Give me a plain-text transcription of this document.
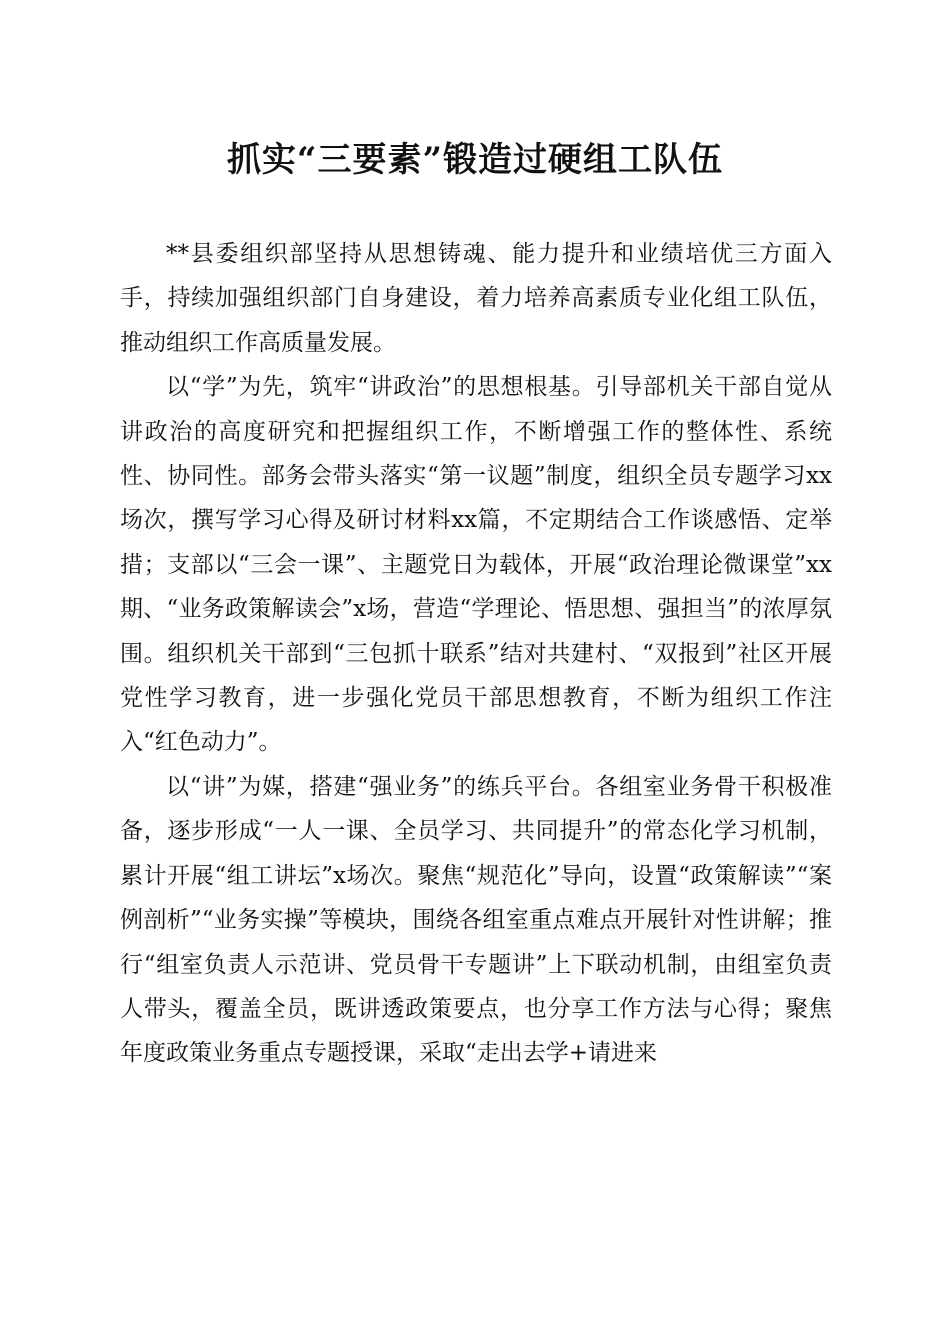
抓实“三要素”锻造过硬组工队伍

**县委组织部坚持从思想铸魂、能力提升和业绩培优三方面入手，持续加强组织部门自身建设，着力培养高素质专业化组工队伍，推动组织工作高质量发展。

以“学”为先，筑牢“讲政治”的思想根基。引导部机关干部自觉从讲政治的高度研究和把握组织工作，不断增强工作的整体性、系统性、协同性。部务会带头落实“第一议题”制度，组织全员专题学习xx场次，撰写学习心得及研讨材料xx篇，不定期结合工作谈感悟、定举措；支部以“三会一课”、主题党日为载体，开展“政治理论微课堂”xx期、“业务政策解读会”x场，营造“学理论、悟思想、强担当”的浓厚氛围。组织机关干部到“三包抓十联系”结对共建村、“双报到”社区开展党性学习教育，进一步强化党员干部思想教育，不断为组织工作注入“红色动力”。

以“讲”为媒，搭建“强业务”的练兵平台。各组室业务骨干积极准备，逐步形成“一人一课、全员学习、共同提升”的常态化学习机制，累计开展“组工讲坛”x场次。聚焦“规范化”导向，设置“政策解读”“案例剖析”“业务实操”等模块，围绕各组室重点难点开展针对性讲解；推行“组室负责人示范讲、党员骨干专题讲”上下联动机制，由组室负责人带头，覆盖全员，既讲透政策要点，也分享工作方法与心得；聚焦年度政策业务重点专题授课，采取“走出去学+请进来
